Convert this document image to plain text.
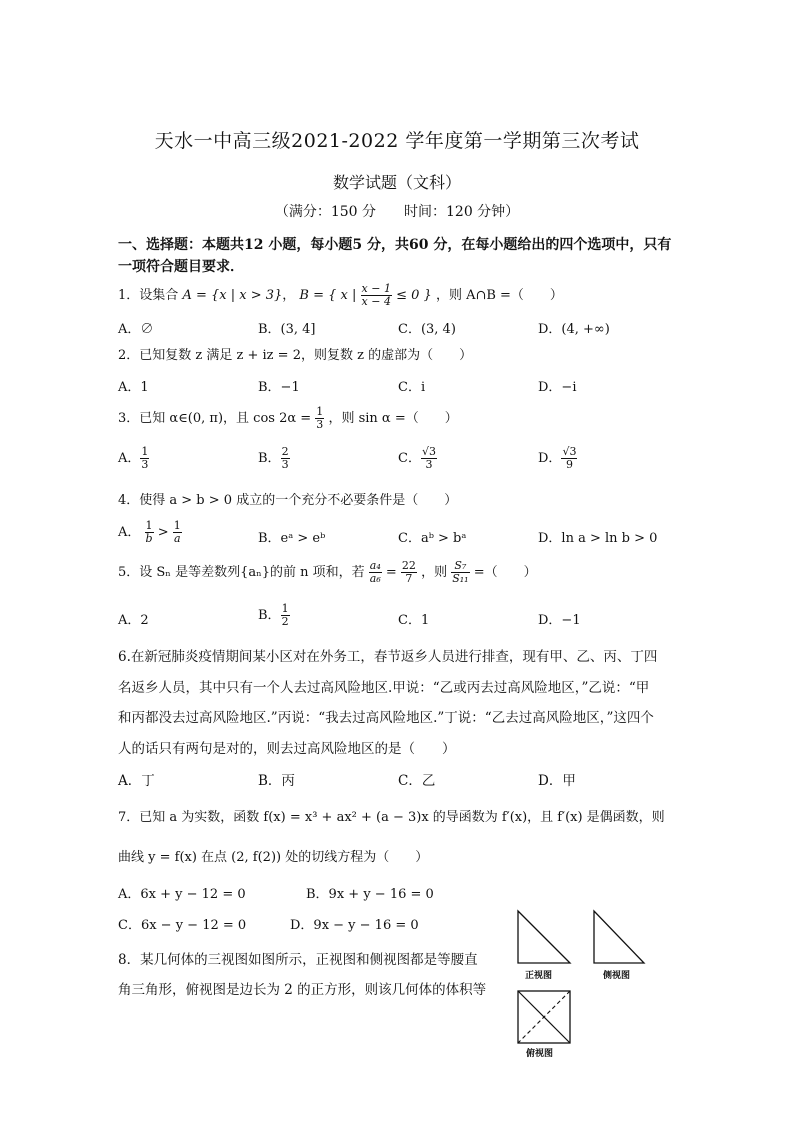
天水一中高三级2021-2022 学年度第一学期第三次考试
数学试题（文科）
（满分：150 分　　时间：120 分钟）
一、选择题：本题共12 小题，每小题5 分，共60 分，在每小题给出的四个选项中，只有
一项符合题目要求．
1．设集合 A = {x | x > 3}， B = { x | $\frac{x - 1}{x - 4} \le 0$ } ，则 A∩B =（　　）
A．∅	B．(3, 4]	C．(3, 4)	D．(4, +∞)
2．已知复数 z 满足 z + iz = 2，则复数 z 的虚部为（　　）
A．1	B．−1	C．i	D．−i
3．已知 α∈(0, π)，且 $\cos 2\alpha = \frac{1}{3}$ ，则 sin α =（　　）
A． $\frac{1}{3}$	B． $\frac{2}{3}$	C． $\frac{√3}{3}$	D． $\frac{√3}{9}$
4．使得 a > b > 0 成立的一个充分不必要条件是（　　）
A． $\frac{1}{b} > \frac{1}{a}$	B．eᵃ > eᵇ	C．aᵇ > bᵃ	D．ln a > ln b > 0
5．设 Sₙ 是等差数列{aₙ}的前 n 项和，若 $\frac{\text{a₄}}{\text{a₆}} = \frac{22}{7}$ ，则 $\frac{\text{S₇}}{\text{S₁₁}}$ =（　　）
A．2	B． $\frac{1}{2}$	C．1	D．−1
6.在新冠肺炎疫情期间某小区对在外务工，春节返乡人员进行排查，现有甲、乙、丙、丁四
名返乡人员，其中只有一个人去过高风险地区.甲说：“乙或丙去过高风险地区，”乙说：“甲
和丙都没去过高风险地区.”丙说：“我去过高风险地区.”丁说：“乙去过高风险地区，”这四个
人的话只有两句是对的，则去过高风险地区的是（　　）
A．丁	B．丙	C．乙	D．甲
7．已知 a 为实数，函数 f(x) = x³ + ax² + (a − 3)x 的导函数为 f′(x)，且 f′(x) 是偶函数，则
曲线 y = f(x) 在点 (2, f(2)) 处的切线方程为（　　）
A．6x + y − 12 = 0	B．9x + y − 16 = 0
C．6x − y − 12 = 0	D．9x − y − 16 = 0
8．某几何体的三视图如图所示，正视图和侧视图都是等腰直
角三角形，俯视图是边长为 2 的正方形，则该几何体的体积等
正视图	侧视图
俯视图
